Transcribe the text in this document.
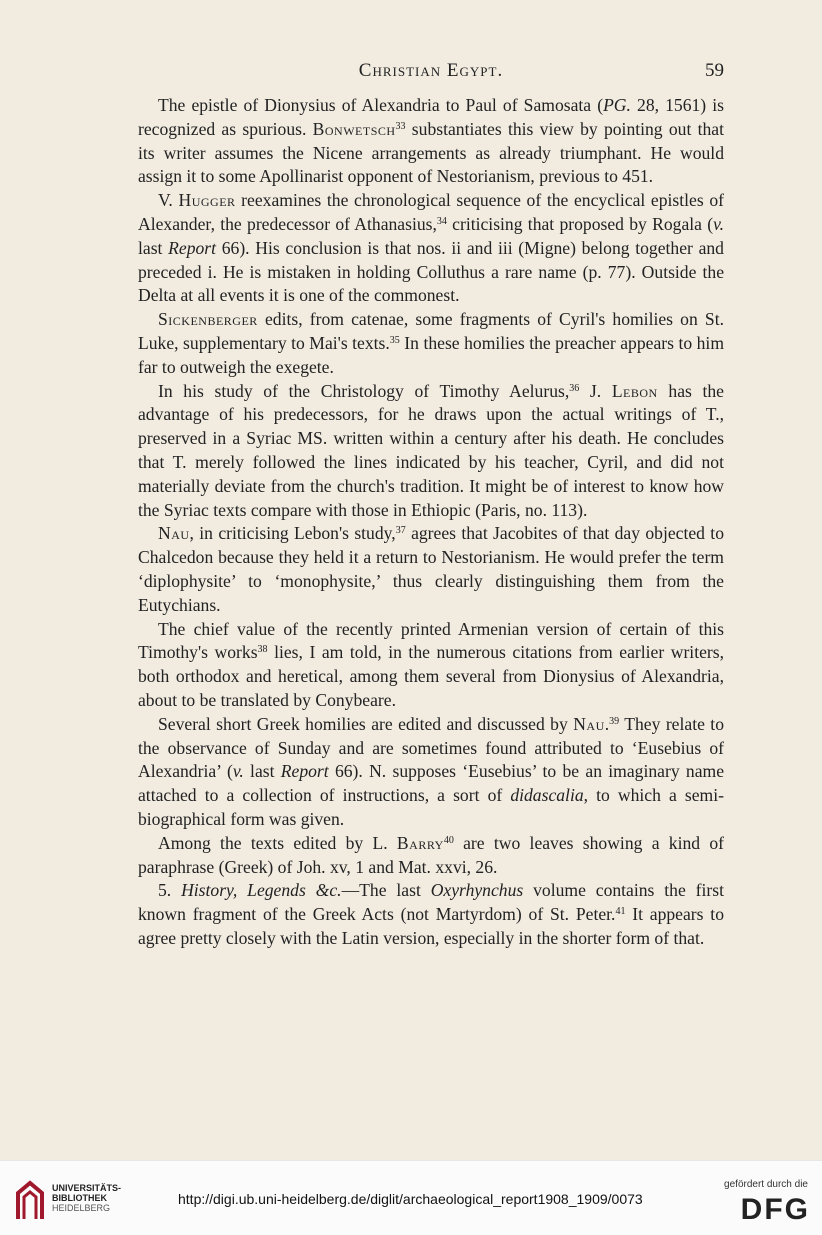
Christian Egypt.	59

The epistle of Dionysius of Alexandria to Paul of Samosata (PG. 28, 1561) is recognized as spurious. Bonwetsch$^{33}$ substantiates this view by pointing out that its writer assumes the Nicene arrangements as already triumphant. He would assign it to some Apollinarist opponent of Nestorianism, previous to 451.

V. Hugger reexamines the chronological sequence of the encyclical epistles of Alexander, the predecessor of Athanasius,$^{34}$ criticising that proposed by Rogala (v. last Report 66). His conclusion is that nos. ii and iii (Migne) belong together and preceded i. He is mistaken in holding Colluthus a rare name (p. 77). Outside the Delta at all events it is one of the commonest.

Sickenberger edits, from catenae, some fragments of Cyril's homilies on St. Luke, supplementary to Mai's texts.$^{35}$ In these homilies the preacher appears to him far to outweigh the exegete.

In his study of the Christology of Timothy Aelurus,$^{36}$ J. Lebon has the advantage of his predecessors, for he draws upon the actual writings of T., preserved in a Syriac MS. written within a century after his death. He concludes that T. merely followed the lines indicated by his teacher, Cyril, and did not materially deviate from the church's tradition. It might be of interest to know how the Syriac texts compare with those in Ethiopic (Paris, no. 113).

Nau, in criticising Lebon's study,$^{37}$ agrees that Jacobites of that day objected to Chalcedon because they held it a return to Nestorianism. He would prefer the term ‘diplophysite’ to ‘monophysite,’ thus clearly distinguishing them from the Eutychians.

The chief value of the recently printed Armenian version of certain of this Timothy's works$^{38}$ lies, I am told, in the numerous citations from earlier writers, both orthodox and heretical, among them several from Dionysius of Alexandria, about to be translated by Conybeare.

Several short Greek homilies are edited and discussed by Nau.$^{39}$ They relate to the observance of Sunday and are sometimes found attributed to ‘Eusebius of Alexandria’ (v. last Report 66). N. supposes ‘Eusebius’ to be an imaginary name attached to a collection of instructions, a sort of didascalia, to which a semi-biographical form was given.

Among the texts edited by L. Barry$^{40}$ are two leaves showing a kind of paraphrase (Greek) of Joh. xv, 1 and Mat. xxvi, 26.

5. History, Legends &c.—The last Oxyrhynchus volume contains the first known fragment of the Greek Acts (not Martyrdom) of St. Peter.$^{41}$ It appears to agree pretty closely with the Latin version, especially in the shorter form of that.

UNIVERSITÄTS-
BIBLIOTHEK
HEIDELBERG
http://digi.ub.uni-heidelberg.de/diglit/archaeological_report1908_1909/0073
gefördert durch die
DFG
